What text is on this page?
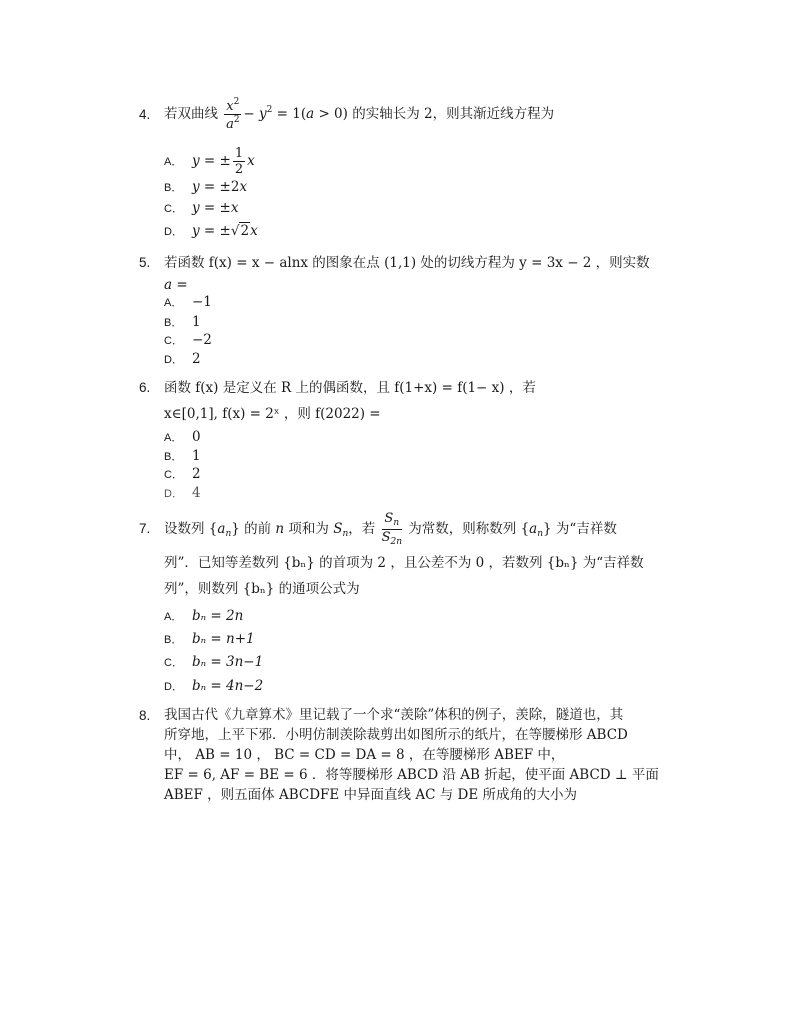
4.	若双曲线 $\frac{x^2}{a^2} - y^2 = 1(a > 0)$ 的实轴长为 2，则其渐近线方程为
A． y = ± $\frac{1}{2}$ x
B． y = ±2x
C． y = ±x
D． y = ±√2x
5.	若函数 f(x) = x − alnx 的图象在点 (1,1) 处的切线方程为 y = 3x − 2 ，则实数
a =
A． −1
B． 1
C． −2
D． 2
6.	函数 f(x) 是定义在 R 上的偶函数，且 f(1+x) = f(1− x) ，若
x∈[0,1], f(x) = 2ˣ ，则 f(2022) =
A． 0
B． 1
C． 2
D． 4
7.	设数列 $\{a_n\}$ 的前 n 项和为 $S_n$，若 $\frac{S_n}{S_{2n}}$ 为常数，则称数列 $\{a_n\}$ 为“吉祥数
列”．已知等差数列 {bₙ} 的首项为 2 ，且公差不为 0 ，若数列 {bₙ} 为“吉祥数
列”，则数列 {bₙ} 的通项公式为
A． bₙ = 2n
B． bₙ = n+1
C． bₙ = 3n−1
D． bₙ = 4n−2
8.	我国古代《九章算术》里记载了一个求“羡除”体积的例子，羡除，隧道也，其
所穿地，上平下邪．小明仿制羡除裁剪出如图所示的纸片，在等腰梯形 ABCD
中， AB = 10 ， BC = CD = DA = 8 ，在等腰梯形 ABEF 中，
EF = 6, AF = BE = 6 ．将等腰梯形 ABCD 沿 AB 折起，使平面 ABCD ⊥ 平面
ABEF ，则五面体 ABCDFE 中异面直线 AC 与 DE 所成角的大小为
